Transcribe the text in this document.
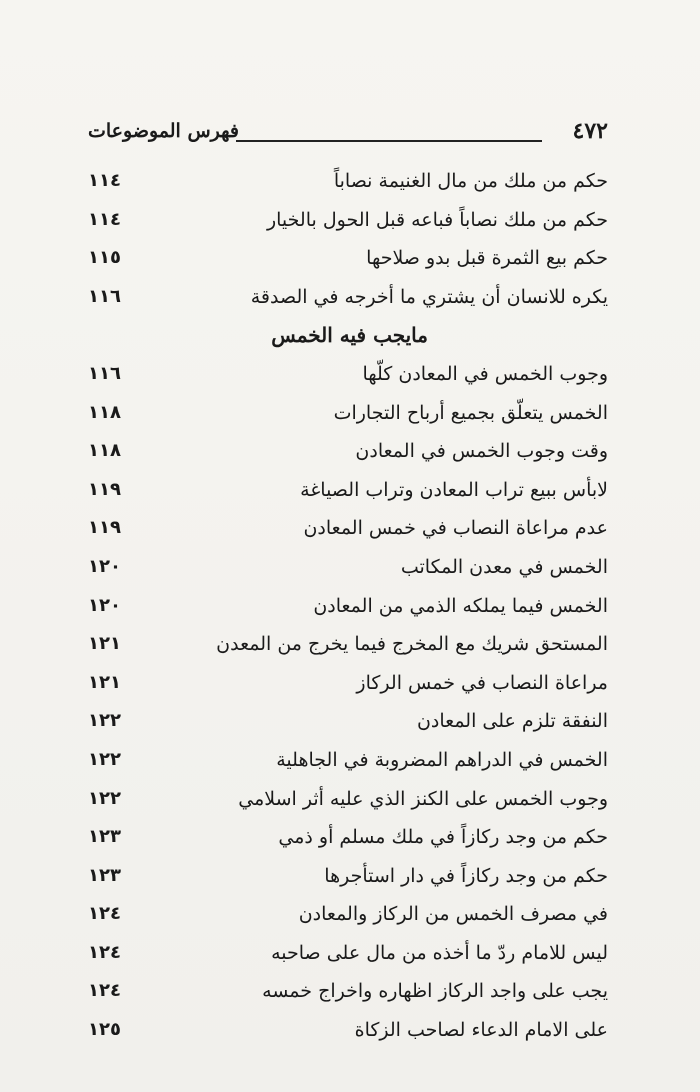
٤٧٢
فهرس الموضوعات
حكم من ملك من مال الغنيمة نصاباً
١١٤
حكم من ملك نصاباً فباعه قبل الحول بالخيار
١١٤
حكم بيع الثمرة قبل بدو صلاحها
١١٥
يكره للانسان أن يشتري ما أخرجه في الصدقة
١١٦
مايجب فيه الخمس
وجوب الخمس في المعادن كلّها
١١٦
الخمس يتعلّق بجميع أرباح التجارات
١١٨
وقت وجوب الخمس في المعادن
١١٨
لابأس ببيع تراب المعادن وتراب الصياغة
١١٩
عدم مراعاة النصاب في خمس المعادن
١١٩
الخمس في معدن المكاتب
١٢٠
الخمس فيما يملكه الذمي من المعادن
١٢٠
المستحق شريك مع المخرج فيما يخرج من المعدن
١٢١
مراعاة النصاب في خمس الركاز
١٢١
النفقة تلزم على المعادن
١٢٢
الخمس في الدراهم المضروبة في الجاهلية
١٢٢
وجوب الخمس على الكنز الذي عليه أثر اسلامي
١٢٢
حكم من وجد ركازاً في ملك مسلم أو ذمي
١٢٣
حكم من وجد ركازاً في دار استأجرها
١٢٣
في مصرف الخمس من الركاز والمعادن
١٢٤
ليس للامام ردّ ما أخذه من مال على صاحبه
١٢٤
يجب على واجد الركاز اظهاره واخراج خمسه
١٢٤
على الامام الدعاء لصاحب الزكاة
١٢٥
